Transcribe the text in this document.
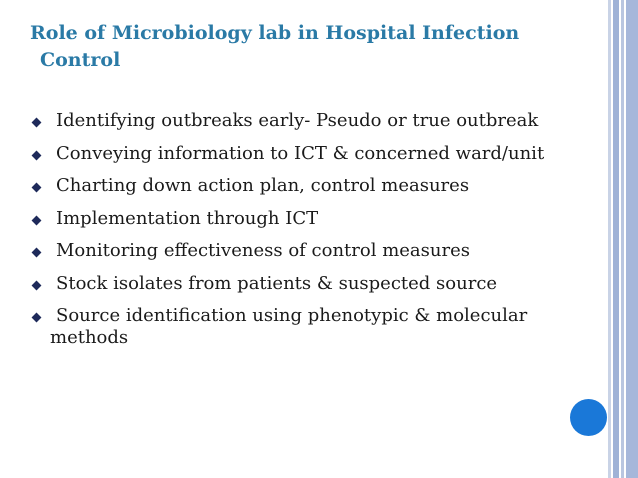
Role of Microbiology lab in Hospital Infection
Control
Identifying outbreaks early- Pseudo or true outbreak
Conveying information to ICT & concerned ward/unit
Charting down action plan, control measures
Implementation through ICT
Monitoring effectiveness of control measures
Stock isolates from patients & suspected source
Source identification using phenotypic & molecular
methods
